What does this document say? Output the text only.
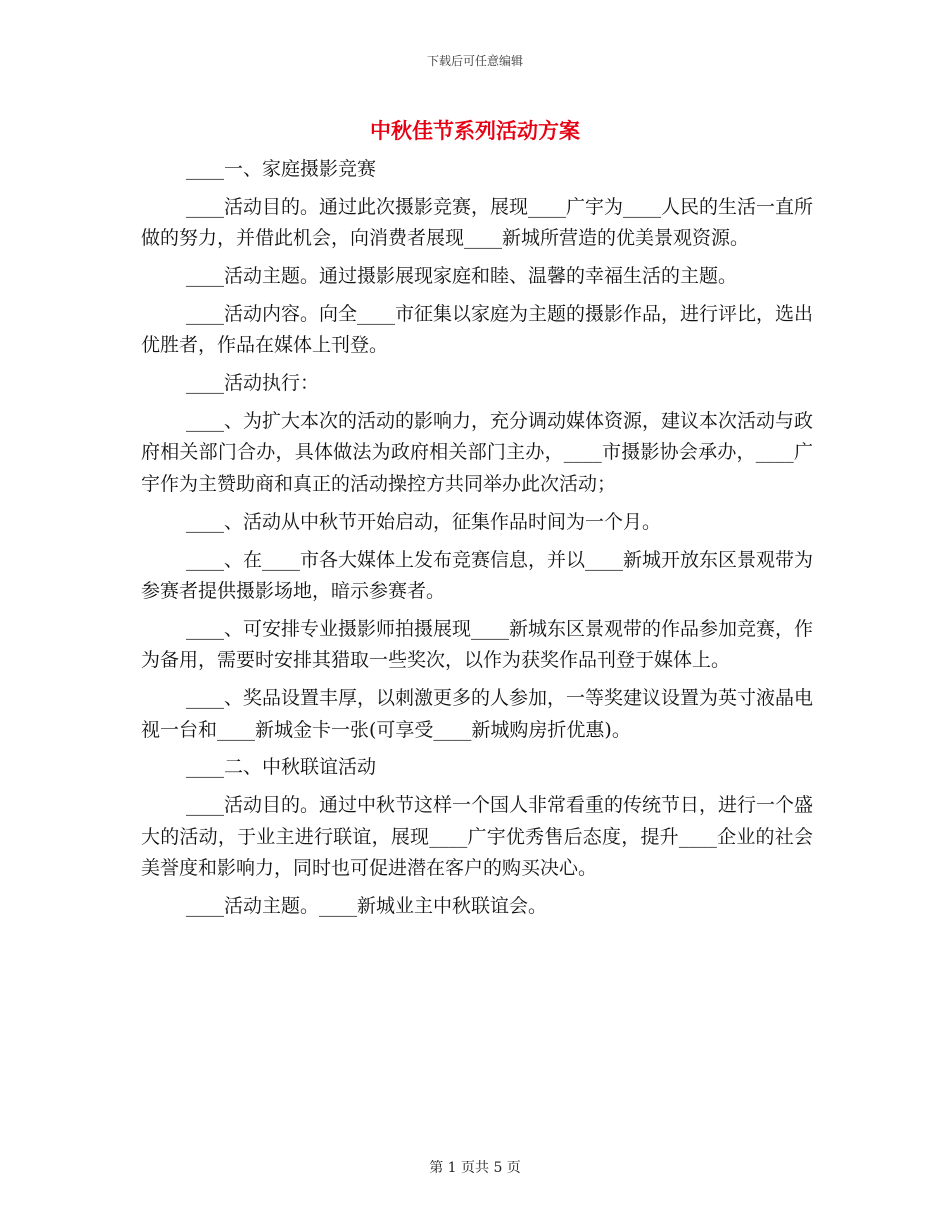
下载后可任意编辑
中秋佳节系列活动方案

____一、家庭摄影竞赛

____活动目的。通过此次摄影竞赛，展现____广宇为____人民的生活一直所做的努力，并借此机会，向消费者展现____新城所营造的优美景观资源。

____活动主题。通过摄影展现家庭和睦、温馨的幸福生活的主题。

____活动内容。向全____市征集以家庭为主题的摄影作品，进行评比，选出优胜者，作品在媒体上刊登。

____活动执行：

____、为扩大本次的活动的影响力，充分调动媒体资源，建议本次活动与政府相关部门合办，具体做法为政府相关部门主办，____市摄影协会承办，____广宇作为主赞助商和真正的活动操控方共同举办此次活动；

____、活动从中秋节开始启动，征集作品时间为一个月。

____、在____市各大媒体上发布竞赛信息，并以____新城开放东区景观带为参赛者提供摄影场地，暗示参赛者。

____、可安排专业摄影师拍摄展现____新城东区景观带的作品参加竞赛，作为备用，需要时安排其猎取一些奖次，以作为获奖作品刊登于媒体上。

____、奖品设置丰厚，以刺激更多的人参加，一等奖建议设置为英寸液晶电视一台和____新城金卡一张(可享受____新城购房折优惠)。

____二、中秋联谊活动

____活动目的。通过中秋节这样一个国人非常看重的传统节日，进行一个盛大的活动，于业主进行联谊，展现____广宇优秀售后态度，提升____企业的社会美誉度和影响力，同时也可促进潜在客户的购买决心。

____活动主题。____新城业主中秋联谊会。

第 1 页共 5 页
